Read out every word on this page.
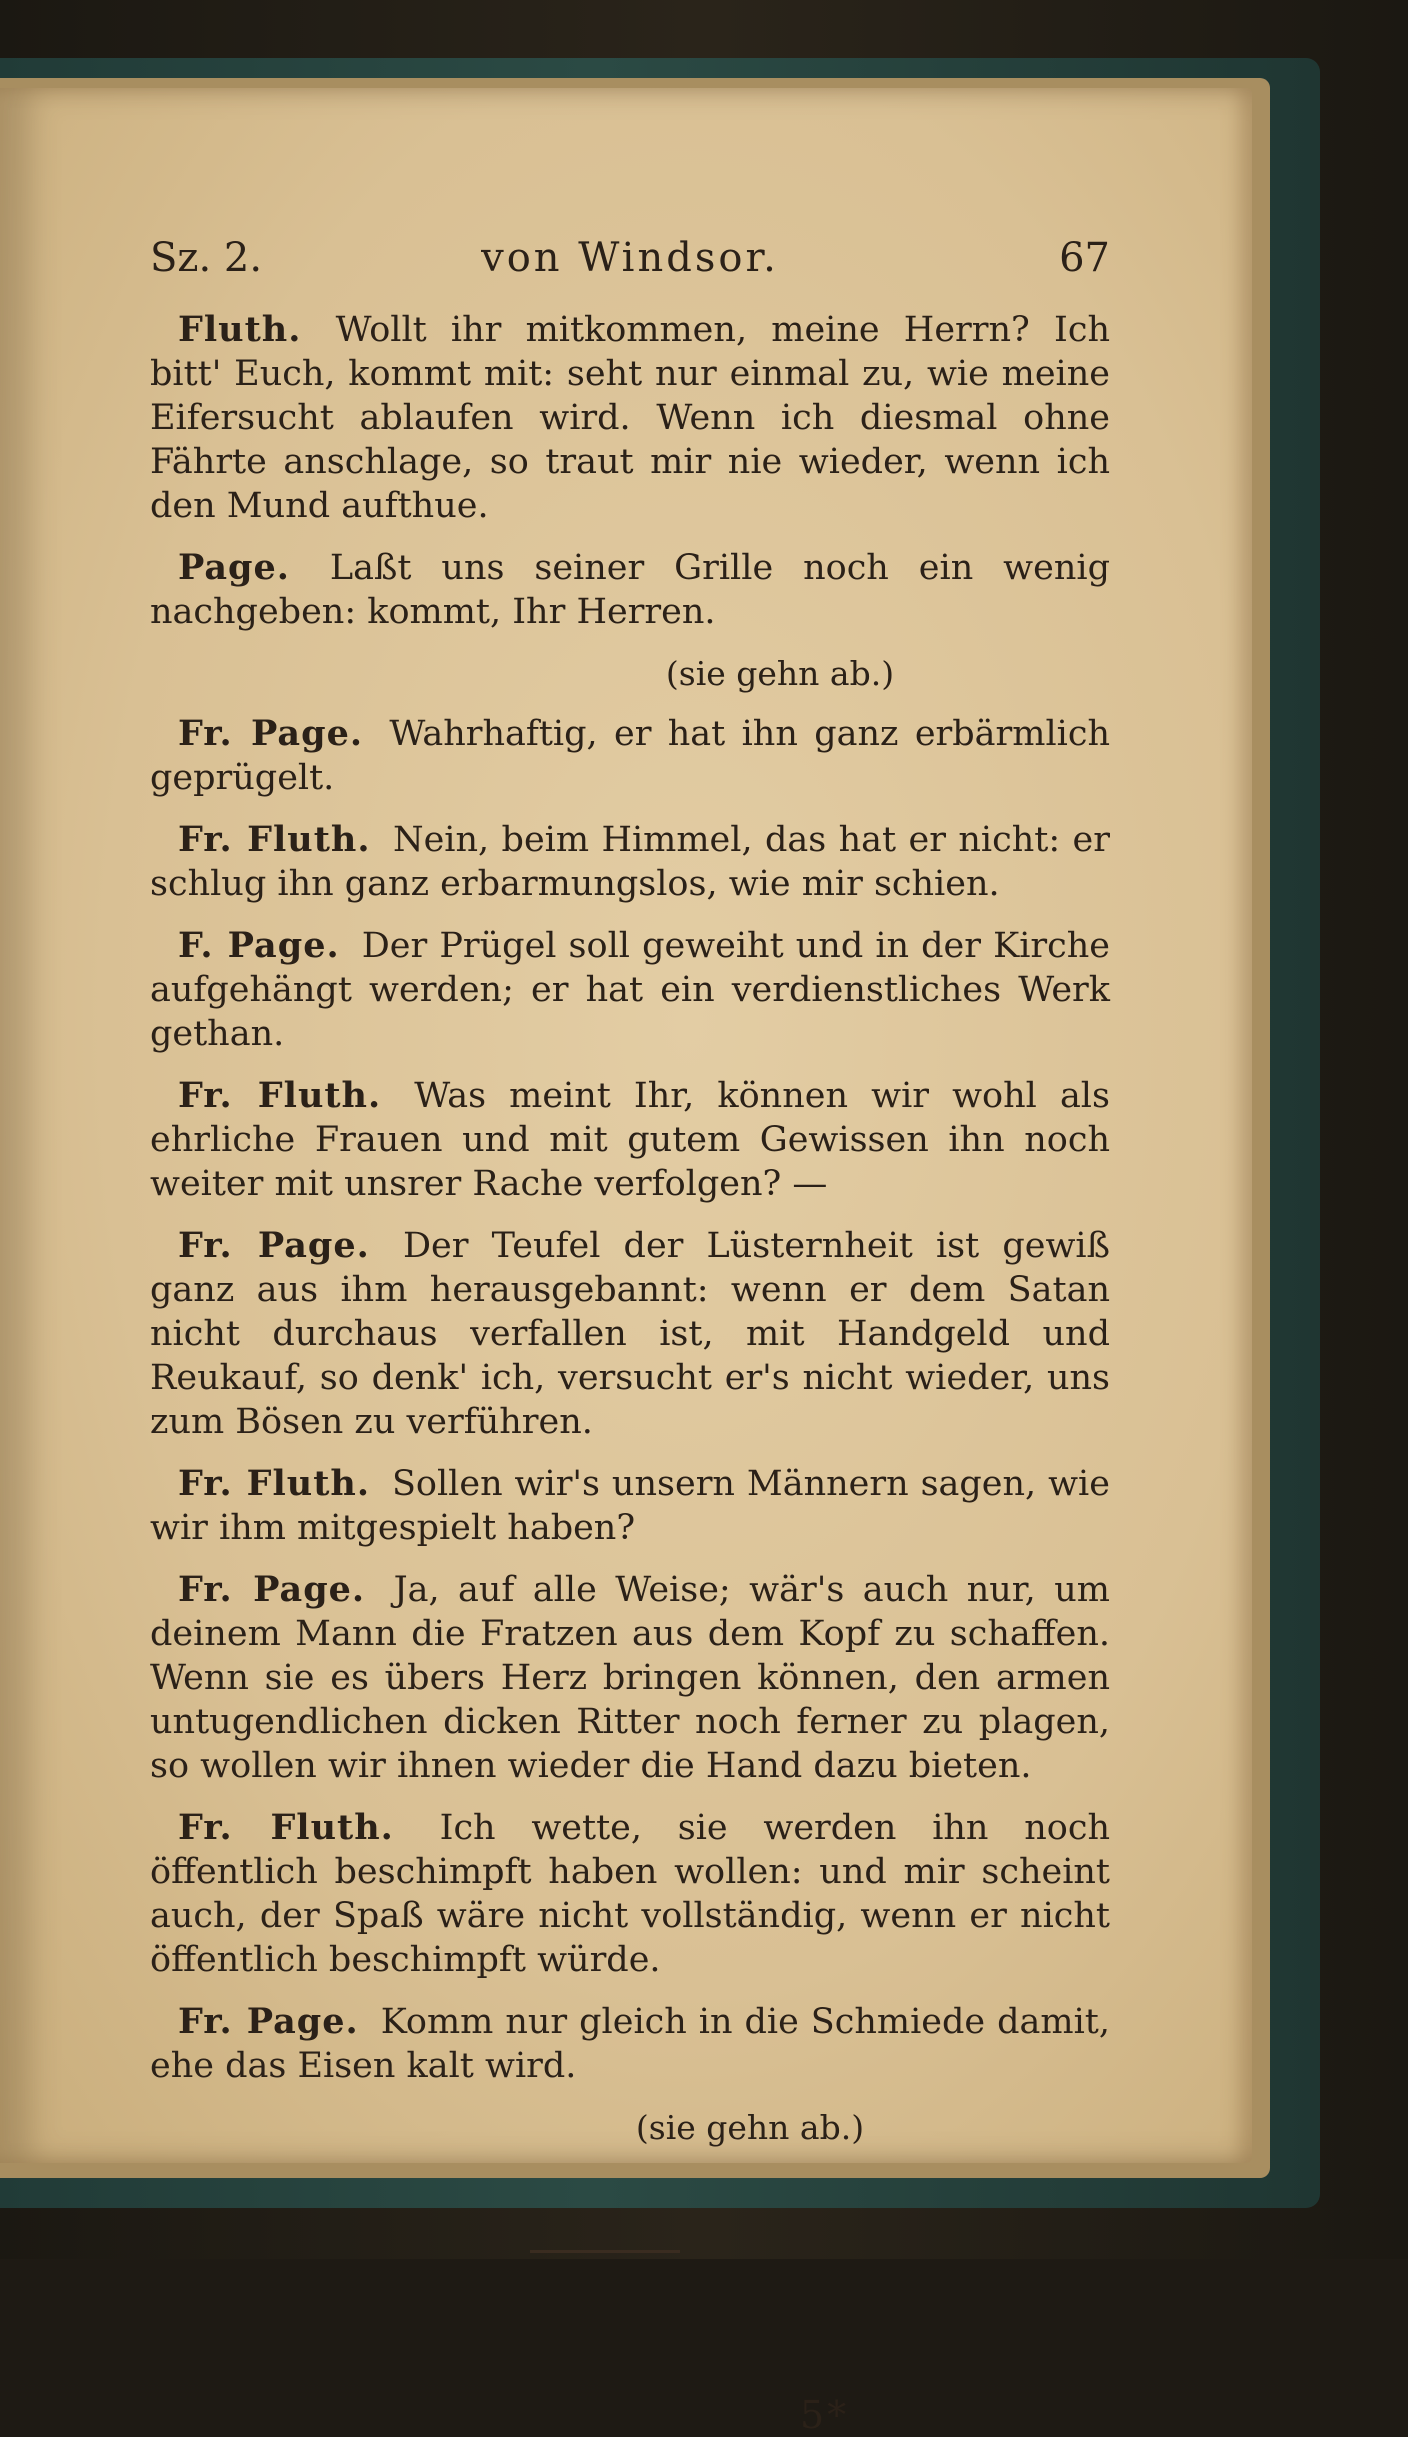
Sz. 2.	von Windsor.	67

Fluth. Wollt ihr mitkommen, meine Herrn? Ich bitt' Euch, kommt mit: seht nur einmal zu, wie meine Eifersucht ablaufen wird. Wenn ich diesmal ohne Fährte anschlage, so traut mir nie wieder, wenn ich den Mund aufthue.

Page. Laßt uns seiner Grille noch ein wenig nachgeben: kommt, Ihr Herren.

(sie gehn ab.)

Fr. Page. Wahrhaftig, er hat ihn ganz erbärmlich geprügelt.

Fr. Fluth. Nein, beim Himmel, das hat er nicht: er schlug ihn ganz erbarmungslos, wie mir schien.

F. Page. Der Prügel soll geweiht und in der Kirche aufgehängt werden; er hat ein verdienstliches Werk gethan.

Fr. Fluth. Was meint Ihr, können wir wohl als ehrliche Frauen und mit gutem Gewissen ihn noch weiter mit unsrer Rache verfolgen? —

Fr. Page. Der Teufel der Lüsternheit ist gewiß ganz aus ihm herausgebannt: wenn er dem Satan nicht durchaus verfallen ist, mit Handgeld und Reukauf, so denk' ich, versucht er's nicht wieder, uns zum Bösen zu verführen.

Fr. Fluth. Sollen wir's unsern Männern sagen, wie wir ihm mitgespielt haben?

Fr. Page. Ja, auf alle Weise; wär's auch nur, um deinem Mann die Fratzen aus dem Kopf zu schaffen. Wenn sie es übers Herz bringen können, den armen untugendlichen dicken Ritter noch ferner zu plagen, so wollen wir ihnen wieder die Hand dazu bieten.

Fr. Fluth. Ich wette, sie werden ihn noch öffentlich beschimpft haben wollen: und mir scheint auch, der Spaß wäre nicht vollständig, wenn er nicht öffentlich beschimpft würde.

Fr. Page. Komm nur gleich in die Schmiede damit, ehe das Eisen kalt wird.

(sie gehn ab.)
5*
